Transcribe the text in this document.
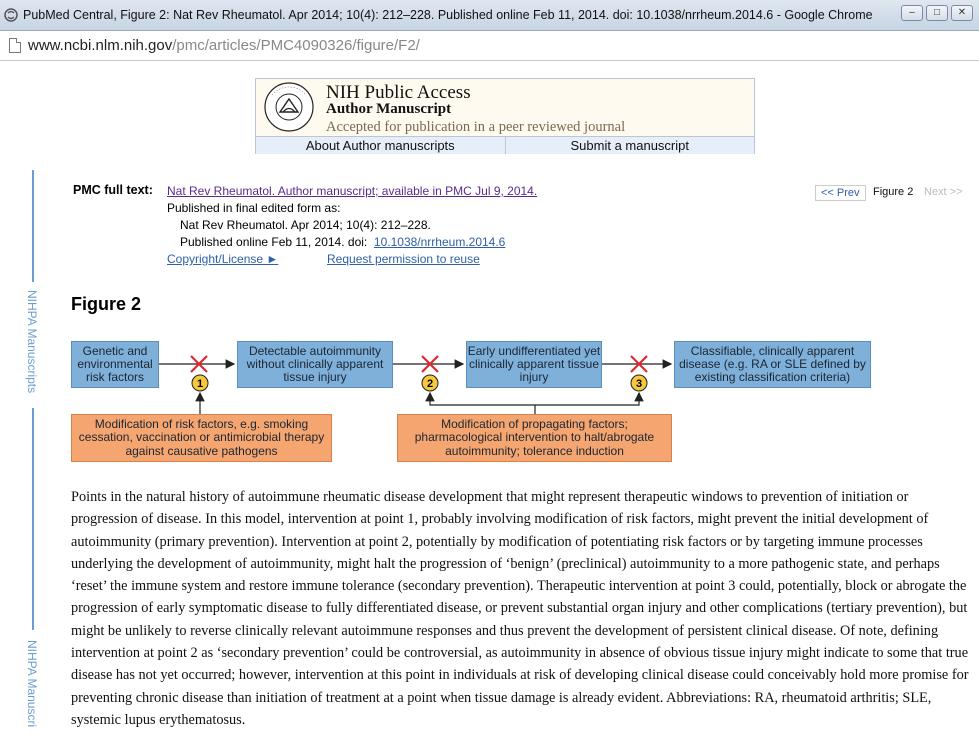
PubMed Central, Figure 2: Nat Rev Rheumatol. Apr 2014; 10(4): 212–228. Published online Feb 11, 2014. doi: 10.1038/nrrheum.2014.6 - Google Chrome	–	□	✕
www.ncbi.nlm.nih.gov/pmc/articles/PMC4090326/figure/F2/
NIHPA Manuscripts
NIHPA Manuscri
NIH Public Access
Author Manuscript
Accepted for publication in a peer reviewed journal
About Author manuscripts	Submit a manuscript
PMC full text: Nat Rev Rheumatol. Author manuscript; available in PMC Jul 9, 2014.
Published in final edited form as:
Nat Rev Rheumatol. Apr 2014; 10(4): 212–228.
Published online Feb 11, 2014. doi: 10.1038/nrrheum.2014.6
Copyright/License ►	Request permission to reuse
<< Prev	Figure 2 Next >>
Figure 2
1	2	3
Genetic and environmental risk factors
Detectable autoimmunity without clinically apparent tissue injury
Early undifferentiated yet clinically apparent tissue injury
Classifiable, clinically apparent disease (e.g. RA or SLE defined by existing classification criteria)
Modification of risk factors, e.g. smoking cessation, vaccination or antimicrobial therapy against causative pathogens
Modification of propagating factors; pharmacological intervention to halt/abrogate autoimmunity; tolerance induction
Points in the natural history of autoimmune rheumatic disease development that might represent therapeutic windows to prevention of initiation or progression of disease. In this model, intervention at point 1, probably involving modification of risk factors, might prevent the initial development of autoimmunity (primary prevention). Intervention at point 2, potentially by modification of potentiating risk factors or by targeting immune processes underlying the development of autoimmunity, might halt the progression of ‘benign’ (preclinical) autoimmunity to a more pathogenic state, and perhaps ‘reset’ the immune system and restore immune tolerance (secondary prevention). Therapeutic intervention at point 3 could, potentially, block or abrogate the progression of early symptomatic disease to fully differentiated disease, or prevent substantial organ injury and other complications (tertiary prevention), but might be unlikely to reverse clinically relevant autoimmune responses and thus prevent the development of persistent clinical disease. Of note, defining intervention at point 2 as ‘secondary prevention’ could be controversial, as autoimmunity in absence of obvious tissue injury might indicate to some that true disease has not yet occurred; however, intervention at this point in individuals at risk of developing clinical disease could conceivably hold more promise for preventing chronic disease than initiation of treatment at a point when tissue damage is already evident. Abbreviations: RA, rheumatoid arthritis; SLE, systemic lupus erythematosus.
